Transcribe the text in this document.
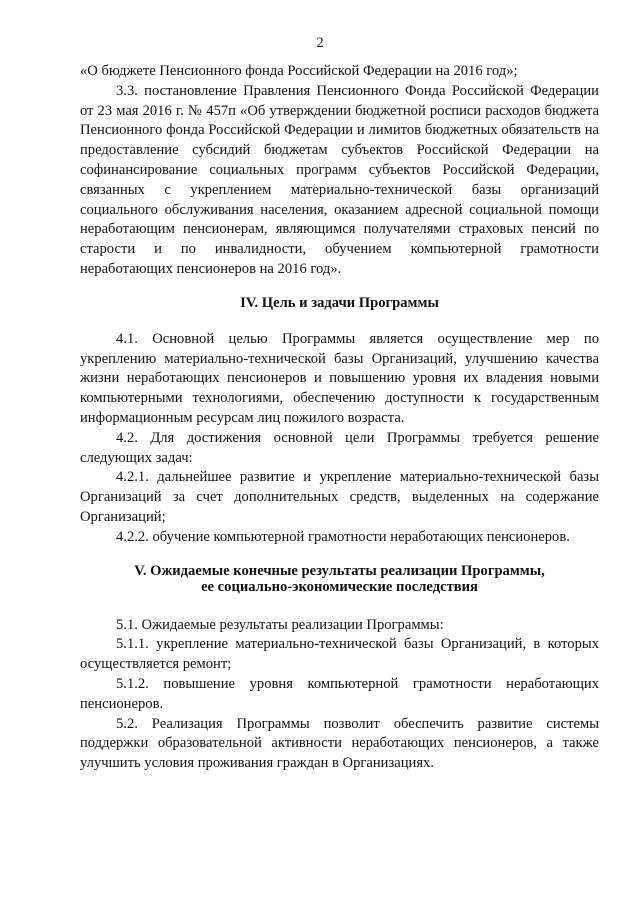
2

«О бюджете Пенсионного фонда Российской Федерации на 2016 год»;

3.3. постановление Правления Пенсионного Фонда Российской Федерации от 23 мая 2016 г. № 457п «Об утверждении бюджетной росписи расходов бюджета Пенсионного фонда Российской Федерации и лимитов бюджетных обязательств на предоставление субсидий бюджетам субъектов Российской Федерации на софинансирование социальных программ субъектов Российской Федерации, связанных с укреплением материально-технической базы организаций социального обслуживания населения, оказанием адресной социальной помощи неработающим пенсионерам, являющимся получателями страховых пенсий по старости и по инвалидности, обучением компьютерной грамотности неработающих пенсионеров на 2016 год».

IV. Цель и задачи Программы

4.1. Основной целью Программы является осуществление мер по укреплению материально-технической базы Организаций, улучшению качества жизни неработающих пенсионеров и повышению уровня их владения новыми компьютерными технологиями, обеспечению доступности к государственным информационным ресурсам лиц пожилого возраста.

4.2. Для достижения основной цели Программы требуется решение следующих задач:

4.2.1. дальнейшее развитие и укрепление материально-технической базы Организаций за счет дополнительных средств, выделенных на содержание Организаций;

4.2.2. обучение компьютерной грамотности неработающих пенсионеров.

V. Ожидаемые конечные результаты реализации Программы,
ее социально-экономические последствия

5.1. Ожидаемые результаты реализации Программы:

5.1.1. укрепление материально-технической базы Организаций, в которых осуществляется ремонт;

5.1.2. повышение уровня компьютерной грамотности неработающих пенсионеров.

5.2. Реализация Программы позволит обеспечить развитие системы поддержки образовательной активности неработающих пенсионеров, а также улучшить условия проживания граждан в Организациях.
